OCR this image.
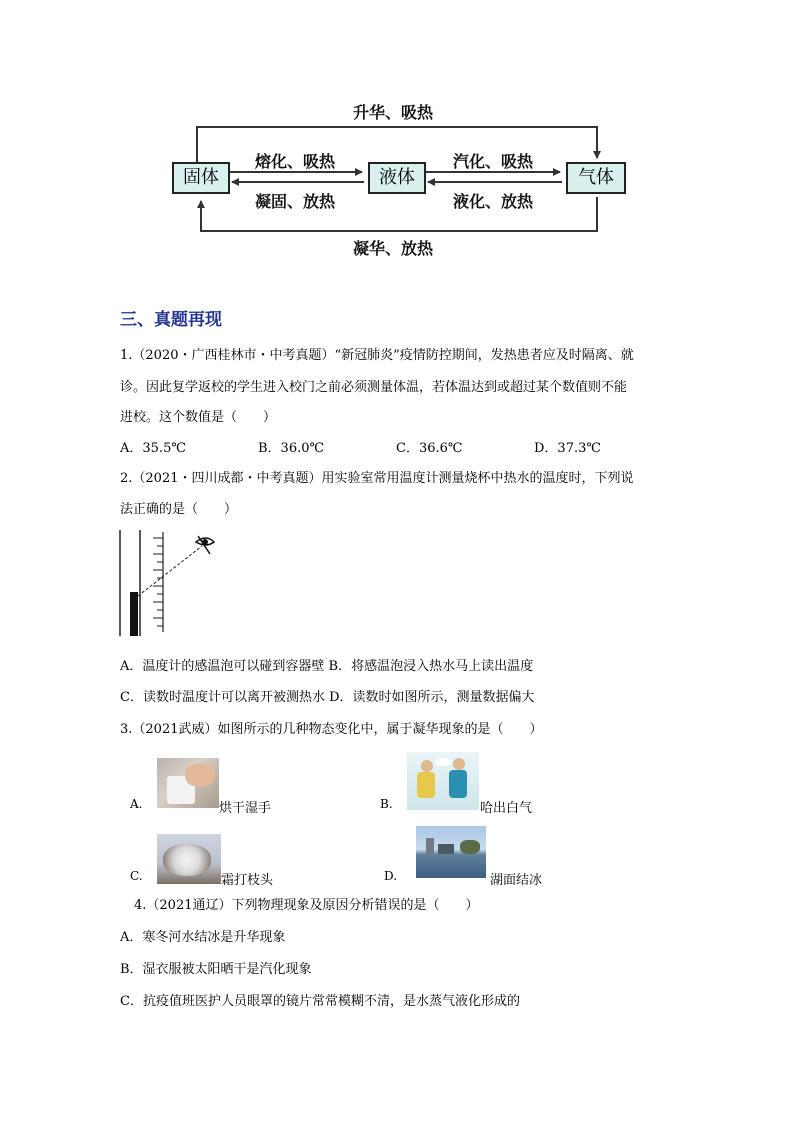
固体	液体	气体
升华、吸热
熔化、吸热
凝固、放热
汽化、吸热
液化、放热
凝华、放热
三、真题再现
1.（2020・广西桂林市・中考真题）“新冠肺炎”疫情防控期间，发热患者应及时隔离、就
诊。因此复学返校的学生进入校门之前必须测量体温，若体温达到或超过某个数值则不能
进校。这个数值是（　　）
A．35.5℃	B．36.0℃	C．36.6℃	D．37.3℃
2.（2021・四川成都・中考真题）用实验室常用温度计测量烧杯中热水的温度时，下列说
法正确的是（　　）
A．温度计的感温泡可以碰到容器壁 B．将感温泡浸入热水马上读出温度
C．读数时温度计可以离开被测热水 D．读数时如图所示，测量数据偏大
3.（2021武威）如图所示的几种物态变化中，属于凝华现象的是（　　）
A.	烘干湿手	B.	哈出白气
C.	霜打枝头	D.	湖面结冰
4.（2021通辽）下列物理现象及原因分析错误的是（　　）
A．寒冬河水结冰是升华现象
B．湿衣服被太阳晒干是汽化现象
C．抗疫值班医护人员眼罩的镜片常常模糊不清，是水蒸气液化形成的
